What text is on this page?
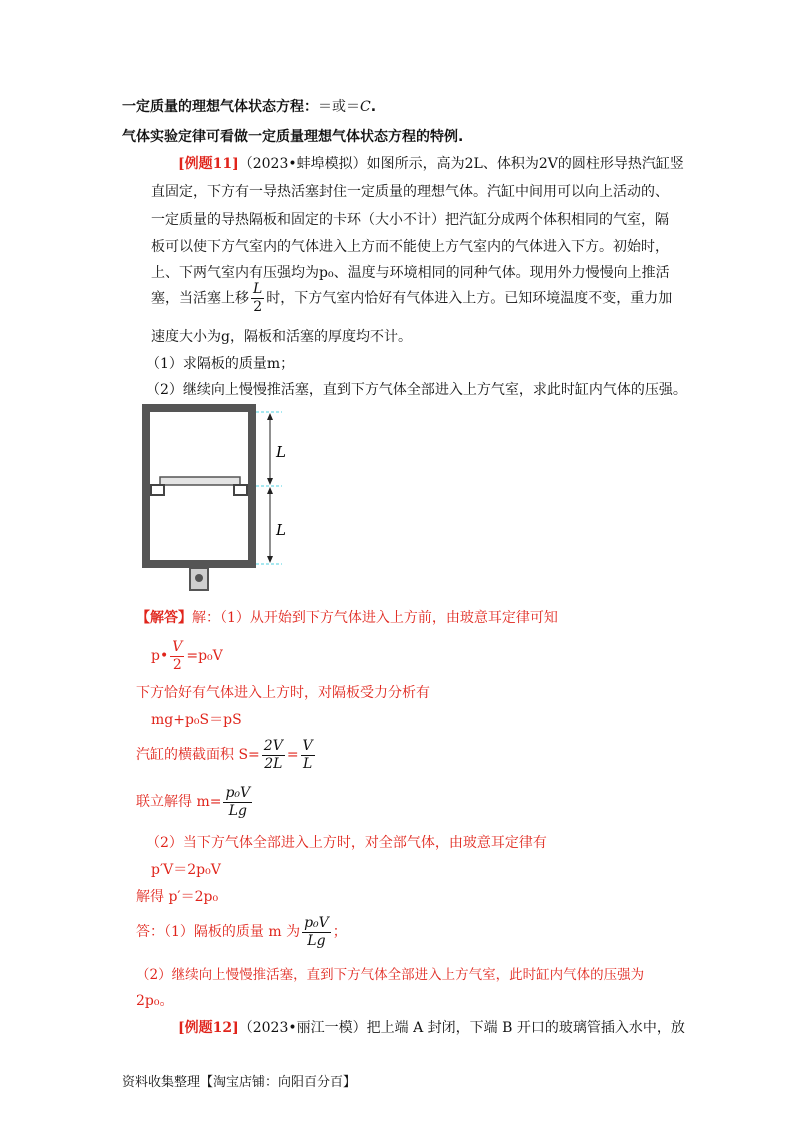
一定质量的理想气体状态方程：＝或＝C.
气体实验定律可看做一定质量理想气体状态方程的特例.
[例题11]（2023•蚌埠模拟）如图所示，高为2L、体积为2V的圆柱形导热汽缸竖
直固定，下方有一导热活塞封住一定质量的理想气体。汽缸中间用可以向上活动的、
一定质量的导热隔板和固定的卡环（大小不计）把汽缸分成两个体积相同的气室，隔
板可以使下方气室内的气体进入上方而不能使上方气室内的气体进入下方。初始时，
上、下两气室内有压强均为p₀、温度与环境相同的同种气体。现用外力慢慢向上推活
塞，当活塞上移 $\frac{L}{2}$ 时，下方气室内恰好有气体进入上方。已知环境温度不变，重力加
速度大小为g，隔板和活塞的厚度均不计。
（1）求隔板的质量m；
（2）继续向上慢慢推活塞，直到下方气体全部进入上方气室，求此时缸内气体的压强。
L
L
【解答】解：（1）从开始到下方气体进入上方前，由玻意耳定律可知
p• $\frac{V}{2} =p_0V$
下方恰好有气体进入上方时，对隔板受力分析有
mg+p₀S＝pS
汽缸的横截面积 $S= \frac{2V}{2L} = \frac{V}{L}$
联立解得 $m= \frac{\text{p₀V}}{Lg}$
（2）当下方气体全部进入上方时，对全部气体，由玻意耳定律有
p′V＝2p₀V
解得 p′＝2p₀
答：（1）隔板的质量 m 为 $\frac{\text{p₀V}}{Lg}$ ；
（2）继续向上慢慢推活塞，直到下方气体全部进入上方气室，此时缸内气体的压强为
2p₀。
[例题12]（2023•丽江一模）把上端 A 封闭，下端 B 开口的玻璃管插入水中，放
资料收集整理【淘宝店铺：向阳百分百】
